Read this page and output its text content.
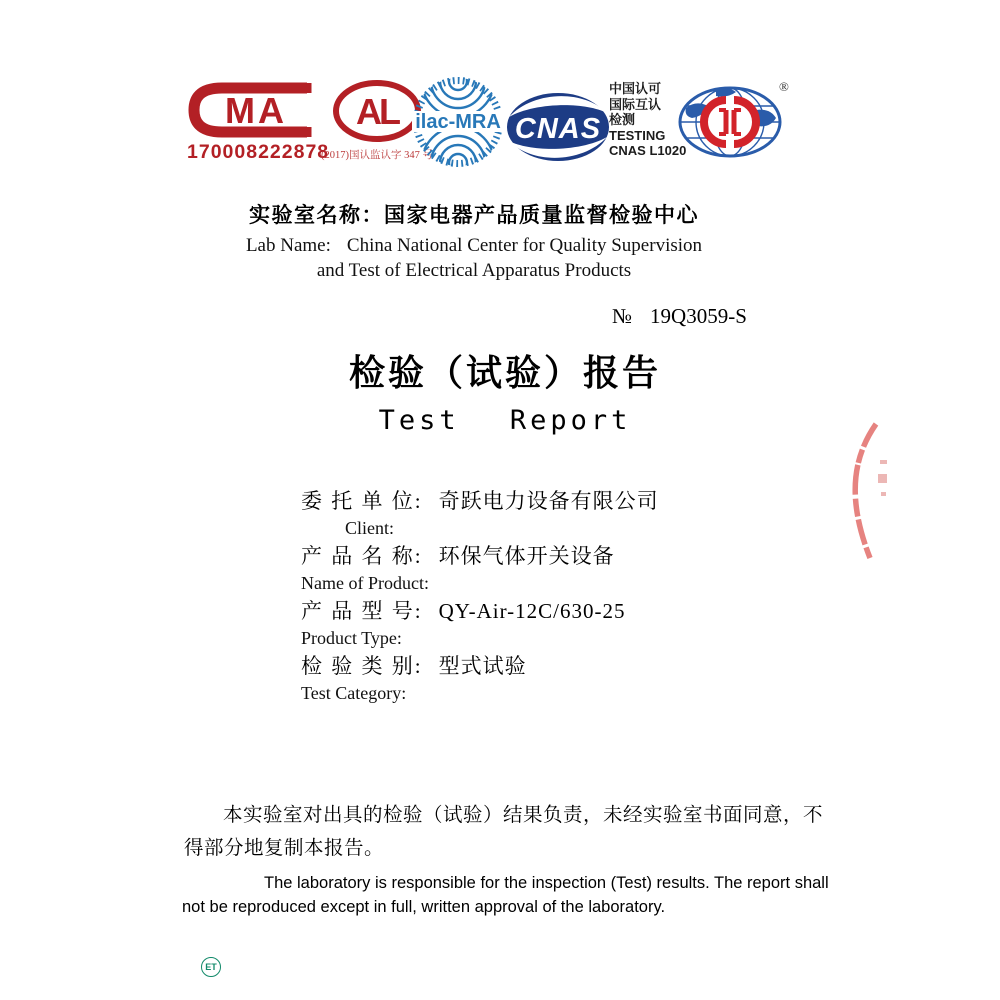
MA
170008222878
AL
(2017)国认监认字 347 号
ilac-MRA CNAS
中国认可
国际互认
检测
TESTING
CNAS L1020
®
实验室名称：国家电器产品质量监督检验中心
Lab Name: China National Center for Quality Supervision
and Test of Electrical Apparatus Products
№ 19Q3059-S
检验（试验）报告
Test Report
委 托 单 位: 奇跃电力设备有限公司
Client:
产 品 名 称: 环保气体开关设备
Name of Product:
产 品 型 号: QY-Air-12C/630-25
Product Type:
检 验 类 别: 型式试验
Test Category:
本实验室对出具的检验（试验）结果负责，未经实验室书面同意，不得部分地复制本报告。
The laboratory is responsible for the inspection (Test) results. The report shall not be reproduced except in full, written approval of the laboratory.
ET
